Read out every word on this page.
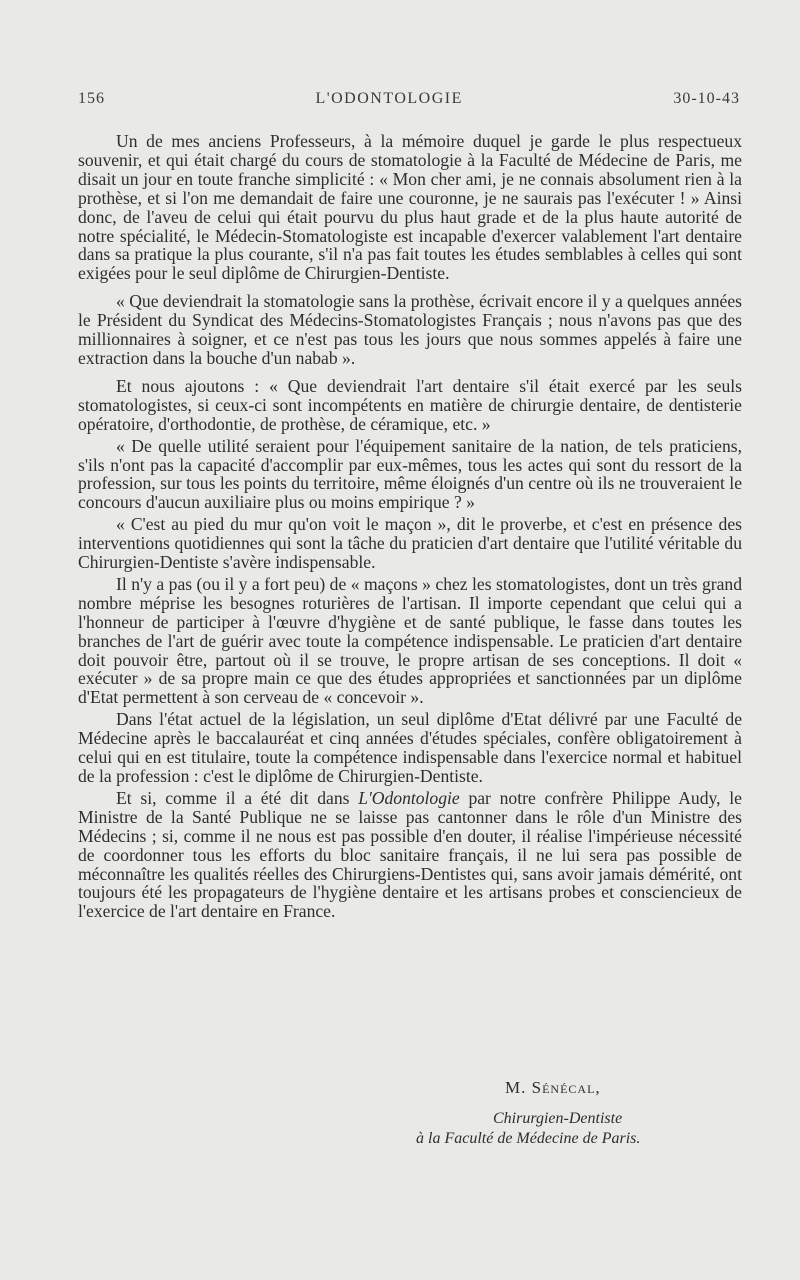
156	L'ODONTOLOGIE	30-10-43

Un de mes anciens Professeurs, à la mémoire duquel je garde le plus respectueux souvenir, et qui était chargé du cours de stomatologie à la Faculté de Médecine de Paris, me disait un jour en toute franche simplicité : « Mon cher ami, je ne connais absolument rien à la prothèse, et si l'on me demandait de faire une couronne, je ne saurais pas l'exécuter ! » Ainsi donc, de l'aveu de celui qui était pourvu du plus haut grade et de la plus haute autorité de notre spécialité, le Médecin-Stomatologiste est incapable d'exercer valablement l'art dentaire dans sa pratique la plus courante, s'il n'a pas fait toutes les études semblables à celles qui sont exigées pour le seul diplôme de Chirurgien-Dentiste.

« Que deviendrait la stomatologie sans la prothèse, écrivait encore il y a quelques années le Président du Syndicat des Médecins-Stomatologistes Français ; nous n'avons pas que des millionnaires à soigner, et ce n'est pas tous les jours que nous sommes appelés à faire une extraction dans la bouche d'un nabab ».

Et nous ajoutons : « Que deviendrait l'art dentaire s'il était exercé par les seuls stomatologistes, si ceux-ci sont incompétents en matière de chirurgie dentaire, de dentisterie opératoire, d'orthodontie, de prothèse, de céramique, etc. »

« De quelle utilité seraient pour l'équipement sanitaire de la nation, de tels praticiens, s'ils n'ont pas la capacité d'accomplir par eux-mêmes, tous les actes qui sont du ressort de la profession, sur tous les points du territoire, même éloignés d'un centre où ils ne trouveraient le concours d'aucun auxiliaire plus ou moins empirique ? »

« C'est au pied du mur qu'on voit le maçon », dit le proverbe, et c'est en présence des interventions quotidiennes qui sont la tâche du praticien d'art dentaire que l'utilité véritable du Chirurgien-Dentiste s'avère indispensable.

Il n'y a pas (ou il y a fort peu) de « maçons » chez les stomatologistes, dont un très grand nombre méprise les besognes roturières de l'artisan. Il importe cependant que celui qui a l'honneur de participer à l'œuvre d'hygiène et de santé publique, le fasse dans toutes les branches de l'art de guérir avec toute la compétence indispensable. Le praticien d'art dentaire doit pouvoir être, partout où il se trouve, le propre artisan de ses conceptions. Il doit « exécuter » de sa propre main ce que des études appropriées et sanctionnées par un diplôme d'Etat permettent à son cerveau de « concevoir ».

Dans l'état actuel de la législation, un seul diplôme d'Etat délivré par une Faculté de Médecine après le baccalauréat et cinq années d'études spéciales, confère obligatoirement à celui qui en est titulaire, toute la compétence indispensable dans l'exercice normal et habituel de la profession : c'est le diplôme de Chirurgien-Dentiste.

Et si, comme il a été dit dans L'Odontologie par notre confrère Philippe Audy, le Ministre de la Santé Publique ne se laisse pas cantonner dans le rôle d'un Ministre des Médecins ; si, comme il ne nous est pas possible d'en douter, il réalise l'impérieuse nécessité de coordonner tous les efforts du bloc sanitaire français, il ne lui sera pas possible de méconnaître les qualités réelles des Chirurgiens-Dentistes qui, sans avoir jamais démérité, ont toujours été les propagateurs de l'hygiène dentaire et les artisans probes et consciencieux de l'exercice de l'art dentaire en France.

M. Sénécal,
Chirurgien-Dentiste
à la Faculté de Médecine de Paris.
